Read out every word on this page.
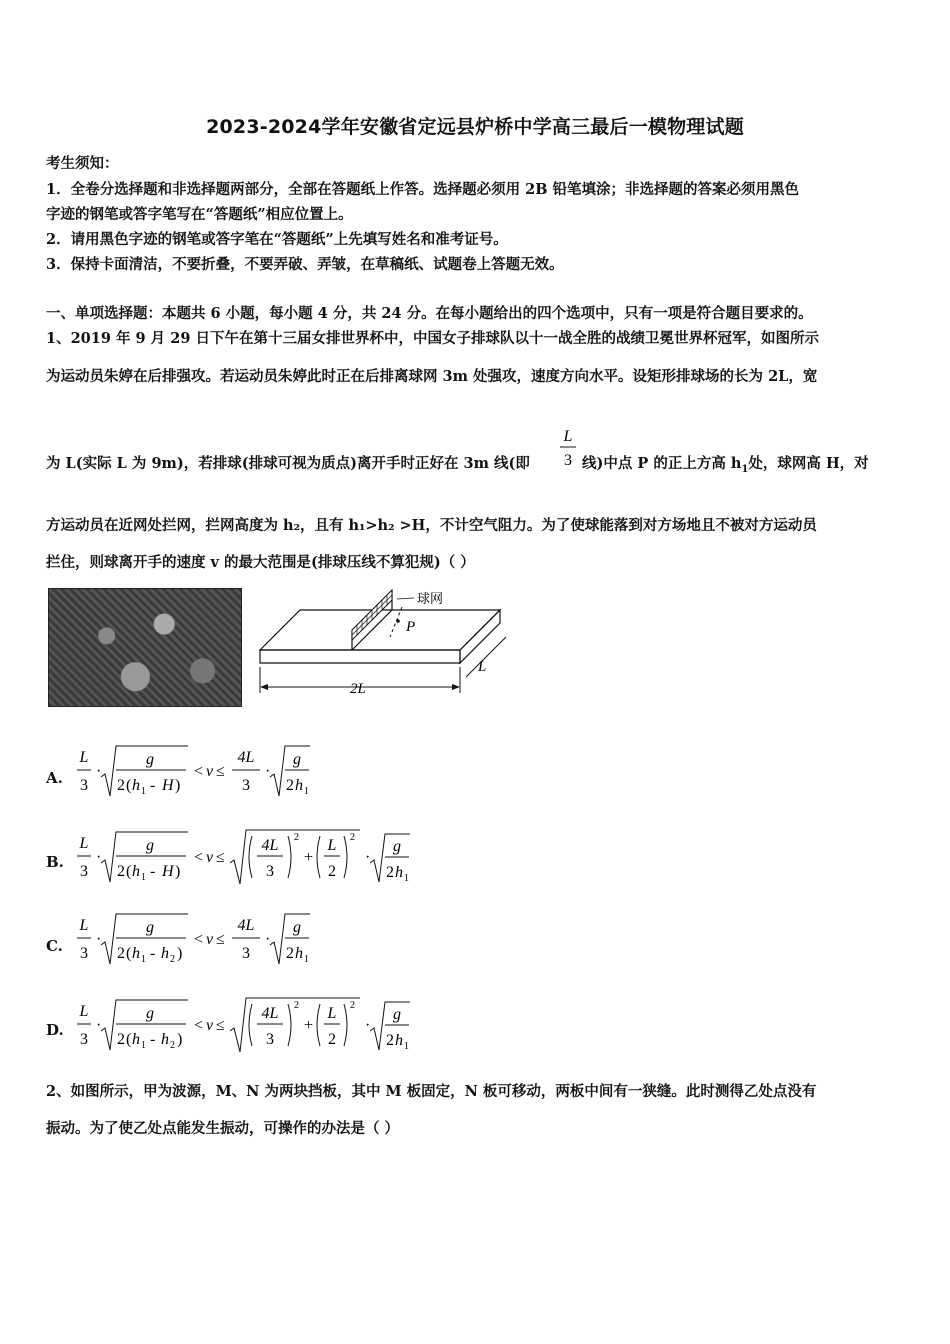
2023-2024学年安徽省定远县炉桥中学高三最后一模物理试题
考生须知：
1．全卷分选择题和非选择题两部分，全部在答题纸上作答。选择题必须用 2B 铅笔填涂；非选择题的答案必须用黑色
字迹的钢笔或答字笔写在“答题纸”相应位置上。
2．请用黑色字迹的钢笔或答字笔在“答题纸”上先填写姓名和准考证号。
3．保持卡面清洁，不要折叠，不要弄破、弄皱，在草稿纸、试题卷上答题无效。
一、单项选择题：本题共 6 小题，每小题 4 分，共 24 分。在每小题给出的四个选项中，只有一项是符合题目要求的。
1、2019 年 9 月 29 日下午在第十三届女排世界杯中，中国女子排球队以十一战全胜的战绩卫冕世界杯冠军，如图所示
为运动员朱婷在后排强攻。若运动员朱婷此时正在后排离球网 3m 处强攻，速度方向水平。设矩形排球场的长为 2L，宽
为 L(实际 L 为 9m)，若排球(排球可视为质点)离开手时正好在 3m 线(即
L
3 线)中点 P 的正上方高 $h_1$处，球网高 H，对
方运动员在近网处拦网，拦网高度为 h₂，且有 h₁>h₂ >H，不计空气阻力。为了使球能落到对方场地且不被对方运动员
拦住，则球离开手的速度 v 的最大范围是(排球压线不算犯规)（ ）
P
球网
2L
L
A.
L
3
·
g
2 ( h 1 - H )
< v ≤
4L
3
·
g
2 h 1
B.
L
3
·
g
2 ( h 1 - H )
< v ≤
4L
3
2
+
L
2
2
·
g
2 h 1
C.
L
3
·
g
2 ( h 1 - h 2 )
< v ≤
4L
3
·
g
2 h 1
D.
L
3
·
g
2 ( h 1 - h 2 )
< v ≤
4L
3
2
+
L
2
2
·
g
2 h 1
2、如图所示，甲为波源，M、N 为两块挡板，其中 M 板固定，N 板可移动，两板中间有一狭缝。此时测得乙处点没有
振动。为了使乙处点能发生振动，可操作的办法是（ ）
